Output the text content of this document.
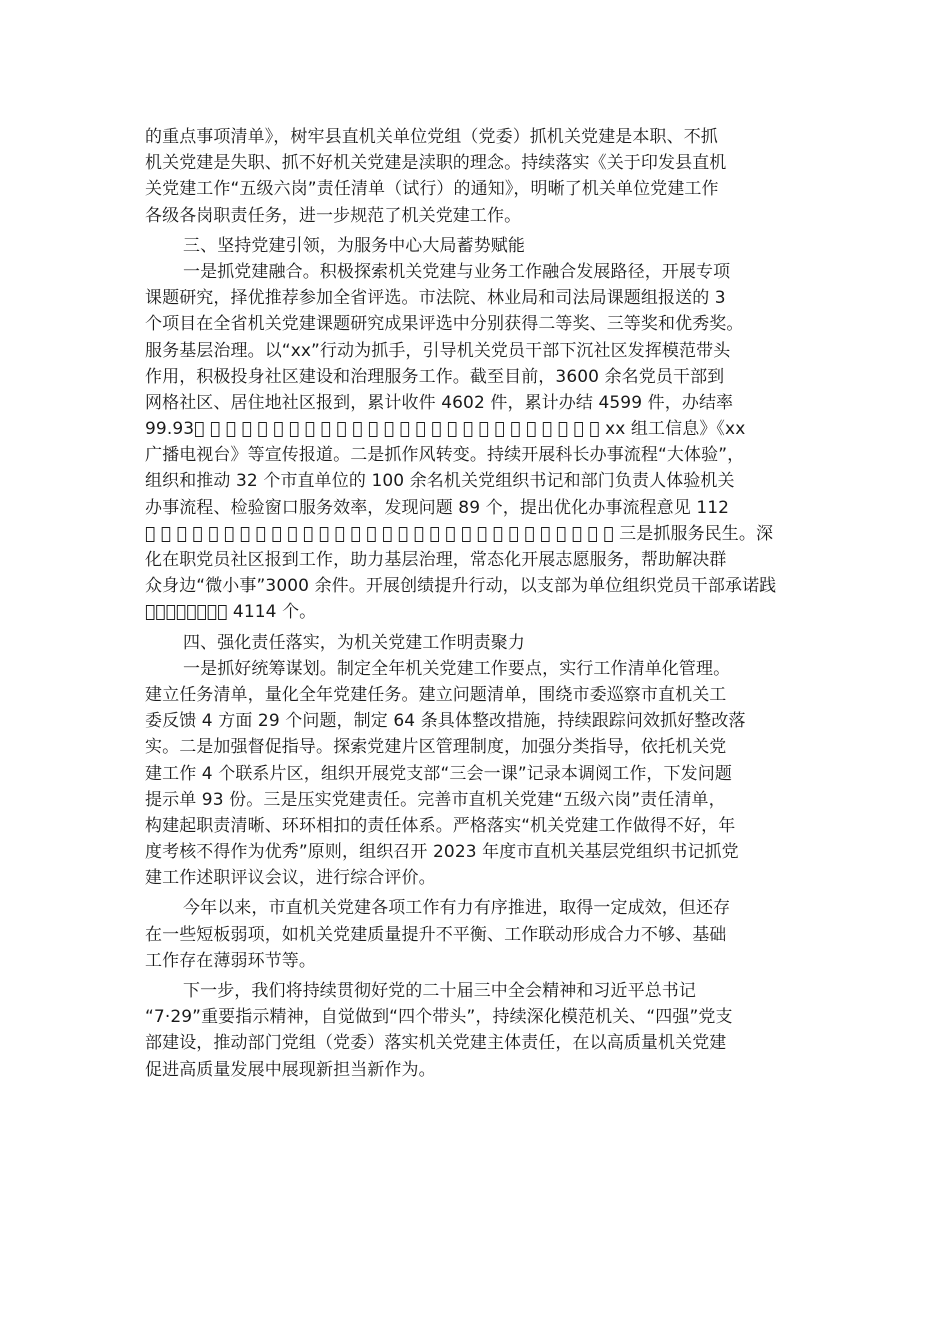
的重点事项清单》，树牢县直机关单位党组（党委）抓机关党建是本职、不抓
机关党建是失职、抓不好机关党建是渎职的理念。持续落实《关于印发县直机
关党建工作“五级六岗”责任清单（试行）的通知》，明晰了机关单位党建工作
各级各岗职责任务，进一步规范了机关党建工作。
三、坚持党建引领，为服务中心大局蓄势赋能
一是抓党建融合。积极探索机关党建与业务工作融合发展路径，开展专项
课题研究，择优推荐参加全省评选。市法院、林业局和司法局课题组报送的 3
个项目在全省机关党建课题研究成果评选中分别获得二等奖、三等奖和优秀奖。
服务基层治理。以“xx”行动为抓手，引导机关党员干部下沉社区发挥模范带头
作用，积极投身社区建设和治理服务工作。截至目前，3600 余名党员干部到
网格社区、居住地社区报到，累计收件 4602 件，累计办结 4599 件，办结率
99.93                                                    xx 组工信息》《xx
广播电视台》等宣传报道。二是抓作风转变。持续开展科长办事流程“大体验”，
组织和推动 32 个市直单位的 100 余名机关党组织书记和部门负责人体验机关
办事流程、检验窗口服务效率，发现问题 89 个，提出优化办事流程意见 112
                                                            三是抓服务民生。深
化在职党员社区报到工作，助力基层治理，常态化开展志愿服务，帮助解决群
众身边“微小事”3000 余件。开展创绩提升行动，以支部为单位组织党员干部承诺践
         4114 个。
四、强化责任落实，为机关党建工作明责聚力
一是抓好统筹谋划。制定全年机关党建工作要点，实行工作清单化管理。
建立任务清单，量化全年党建任务。建立问题清单，围绕市委巡察市直机关工
委反馈 4 方面 29 个问题，制定 64 条具体整改措施，持续跟踪问效抓好整改落
实。二是加强督促指导。探索党建片区管理制度，加强分类指导，依托机关党
建工作 4 个联系片区，组织开展党支部“三会一课”记录本调阅工作，下发问题
提示单 93 份。三是压实党建责任。完善市直机关党建“五级六岗”责任清单，
构建起职责清晰、环环相扣的责任体系。严格落实“机关党建工作做得不好，年
度考核不得作为优秀”原则，组织召开 2023 年度市直机关基层党组织书记抓党
建工作述职评议会议，进行综合评价。
今年以来，市直机关党建各项工作有力有序推进，取得一定成效，但还存
在一些短板弱项，如机关党建质量提升不平衡、工作联动形成合力不够、基础
工作存在薄弱环节等。
下一步，我们将持续贯彻好党的二十届三中全会精神和习近平总书记
“7·29”重要指示精神，自觉做到“四个带头”，持续深化模范机关、“四强”党支
部建设，推动部门党组（党委）落实机关党建主体责任，在以高质量机关党建
促进高质量发展中展现新担当新作为。
